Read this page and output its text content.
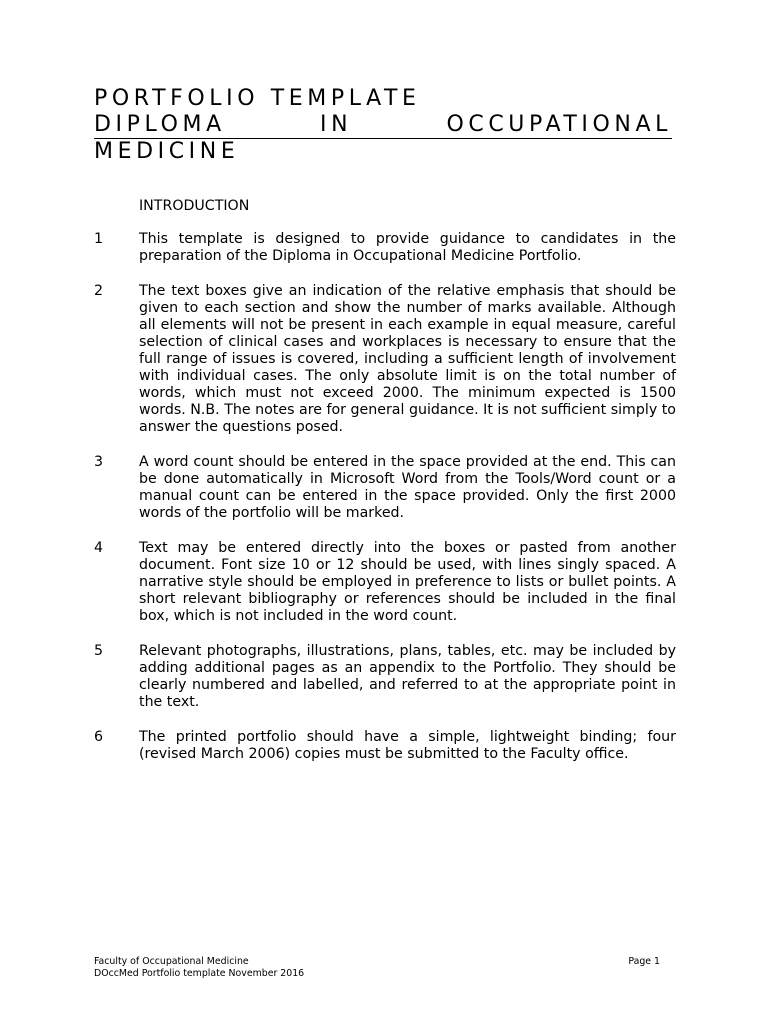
PORTFOLIO TEMPLATE
DIPLOMA	IN	OCCUPATIONAL
MEDICINE
INTRODUCTION
1	This template is designed to provide guidance to candidates in the preparation of the Diploma in Occupational Medicine Portfolio.
2	The text boxes give an indication of the relative emphasis that should be given to each section and show the number of marks available. Although all elements will not be present in each example in equal measure, careful selection of clinical cases and workplaces is necessary to ensure that the full range of issues is covered, including a sufficient length of involvement with individual cases. The only absolute limit is on the total number of words, which must not exceed 2000. The minimum expected is 1500 words. N.B. The notes are for general guidance. It is not sufficient simply to answer the questions posed.
3	A word count should be entered in the space provided at the end. This can be done automatically in Microsoft Word from the Tools/Word count or a manual count can be entered in the space provided. Only the first 2000 words of the portfolio will be marked.
4	Text may be entered directly into the boxes or pasted from another document. Font size 10 or 12 should be used, with lines singly spaced. A narrative style should be employed in preference to lists or bullet points. A short relevant bibliography or references should be included in the final box, which is not included in the word count.
5	Relevant photographs, illustrations, plans, tables, etc. may be included by adding additional pages as an appendix to the Portfolio. They should be clearly numbered and labelled, and referred to at the appropriate point in the text.
6	The printed portfolio should have a simple, lightweight binding; four (revised March 2006) copies must be submitted to the Faculty office.
Faculty of Occupational Medicine	Page 1
DOccMed Portfolio template November 2016
